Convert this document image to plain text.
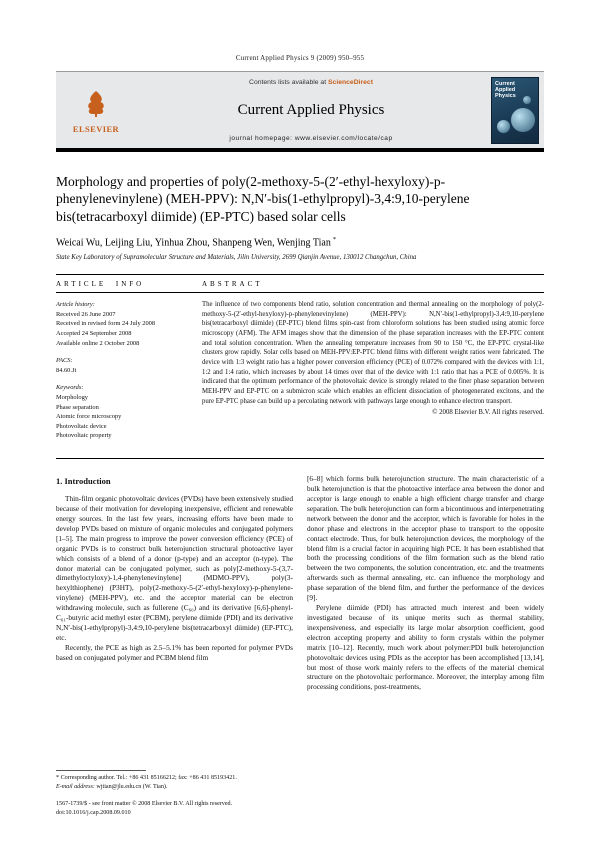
Current Applied Physics 9 (2009) 950–955
ELSEVIER
Contents lists available at ScienceDirect
Current Applied Physics
journal homepage: www.elsevier.com/locate/cap
Current Applied Physics
Morphology and properties of poly(2-methoxy-5-(2′-ethyl-hexyloxy)-p-phenylenevinylene) (MEH-PPV): N,N′-bis(1-ethylpropyl)-3,4:9,10-perylene bis(tetracarboxyl diimide) (EP-PTC) based solar cells
Weicai Wu, Leijing Liu, Yinhua Zhou, Shanpeng Wen, Wenjing Tian *
State Key Laboratory of Supramolecular Structure and Materials, Jilin University, 2699 Qianjin Avenue, 130012 Changchun, China
ARTICLE INFO	ABSTRACT
Article history:
Received 26 June 2007
Received in revised form 24 July 2008
Accepted 24 September 2008
Available online 2 October 2008
PACS:
84.60.Jt
Keywords:
Morphology
Phase separation
Atomic force microscopy
Photovoltaic device
Photovoltaic property
The influence of two components blend ratio, solution concentration and thermal annealing on the morphology of poly(2-methoxy-5-(2′-ethyl-hexyloxy)-p-phenylenevinylene) (MEH-PPV): N,N′-bis(1-ethylpropyl)-3,4:9,10-perylene bis(tetracarboxyl diimide) (EP-PTC) blend films spin-cast from chloroform solutions has been studied using atomic force microscopy (AFM). The AFM images show that the dimension of the phase separation increases with the EP-PTC content and total solution concentration. When the annealing temperature increases from 90 to 150 °C, the EP-PTC crystal-like clusters grow rapidly. Solar cells based on MEH-PPV:EP-PTC blend films with different weight ratios were fabricated. The device with 1:3 weight ratio has a higher power conversion efficiency (PCE) of 0.072% compared with the devices with 1:1, 1:2 and 1:4 ratio, which increases by about 14 times over that of the device with 1:1 ratio that has a PCE of 0.005%. It is indicated that the optimum performance of the photovoltaic device is strongly related to the finer phase separation between MEH-PPV and EP-PTC on a submicron scale which enables an efficient dissociation of photogenerated excitons, and the pure EP-PTC phase can build up a percolating network with pathways large enough to enhance electron transport.
© 2008 Elsevier B.V. All rights reserved.
1. Introduction

Thin-film organic photovoltaic devices (PVDs) have been extensively studied because of their motivation for developing inexpensive, efficient and renewable energy sources. In the last few years, increasing efforts have been made to develop PVDs based on mixture of organic molecules and conjugated polymers [1–5]. The main progress to improve the power conversion efficiency (PCE) of organic PVDs is to construct bulk heterojunction structural photoactive layer which consists of a blend of a donor (p-type) and an acceptor (n-type). The donor material can be conjugated polymer, such as poly[2-methoxy-5-(3,7-dimethyloctyloxy)-1,4-phenylenevinylene] (MDMO-PPV), poly(3-hexylthiophene) (P3HT), poly(2-methoxy-5-(2′-ethyl-hexyloxy)-p-phenylene-vinylene) (MEH-PPV), etc. and the acceptor material can be electron withdrawing molecule, such as fullerene (C₆₀) and its derivative [6,6]-phenyl-C₆₁-butyric acid methyl ester (PCBM), perylene diimide (PDI) and its derivative N,N′-bis(1-ethylpropyl)-3,4:9,10-perylene bis(tetracarboxyl diimide) (EP-PTC), etc.

Recently, the PCE as high as 2.5–5.1% has been reported for polymer PVDs based on conjugated polymer and PCBM blend film

* Corresponding author. Tel.: +86 431 85166212; fax: +86 431 85193421.
E-mail address: wjtian@jlu.edu.cn (W. Tian).

[6–8] which forms bulk heterojunction structure. The main characteristic of a bulk heterojunction is that the photoactive interface area between the donor and acceptor is large enough to enable a high efficient charge transfer and charge separation. The bulk heterojunction can form a bicontinuous and interpenetrating network between the donor and the acceptor, which is favorable for holes in the donor phase and electrons in the acceptor phase to transport to the opposite contact electrode. Thus, for bulk heterojunction devices, the morphology of the blend film is a crucial factor in acquiring high PCE. It has been established that both the processing conditions of the film formation such as the blend ratio between the two components, the solution concentration, etc. and the treatments afterwards such as thermal annealing, etc. can influence the morphology and phase separation of the blend film, and further the performance of the devices [9].

Perylene diimide (PDI) has attracted much interest and been widely investigated because of its unique merits such as thermal stability, inexpensiveness, and especially its large molar absorption coefficient, good electron accepting property and ability to form crystals within the polymer matrix [10–12]. Recently, much work about polymer:PDI bulk heterojunction photovoltaic devices using PDIs as the acceptor has been accomplished [13,14], but most of those work mainly refers to the effects of the material chemical structure on the photovoltaic performance. Moreover, the interplay among film processing conditions, post-treatments,

1567-1739/$ - see front matter © 2008 Elsevier B.V. All rights reserved.
doi:10.1016/j.cap.2008.09.010
